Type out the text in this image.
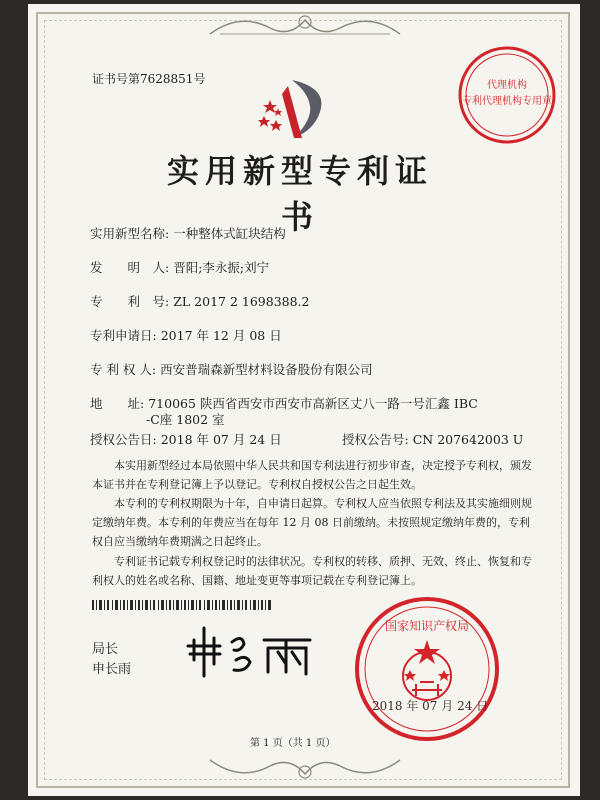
证书号第7628851号
实用新型专利证书
代理机构
专利代理机构专用章
实用新型名称: 一种整体式缸块结构
发　　明　人: 晋阳;李永振;刘宁
专　　利　号: ZL 2017 2 1698388.2
专利申请日: 2017 年 12 月 08 日
专 利 权 人: 西安普瑞森新型材料设备股份有限公司
地　　址: 710065 陕西省西安市西安市高新区丈八一路一号汇鑫 IBC
-C座 1802 室
授权公告日: 2018 年 07 月 24 日	授权公告号: CN 207642003 U
本实用新型经过本局依照中华人民共和国专利法进行初步审查，决定授予专利权，颁发本证书并在专利登记簿上予以登记。专利权自授权公告之日起生效。
本专利的专利权期限为十年，自申请日起算。专利权人应当依照专利法及其实施细则规定缴纳年费。本专利的年费应当在每年 12 月 08 日前缴纳。未按照规定缴纳年费的，专利权自应当缴纳年费期满之日起终止。
专利证书记载专利权登记时的法律状况。专利权的转移、质押、无效、终止、恢复和专利权人的姓名或名称、国籍、地址变更等事项记载在专利登记簿上。
局长
申长雨
国家知识产权局
2018 年 07 月 24 日
第 1 页（共 1 页）
